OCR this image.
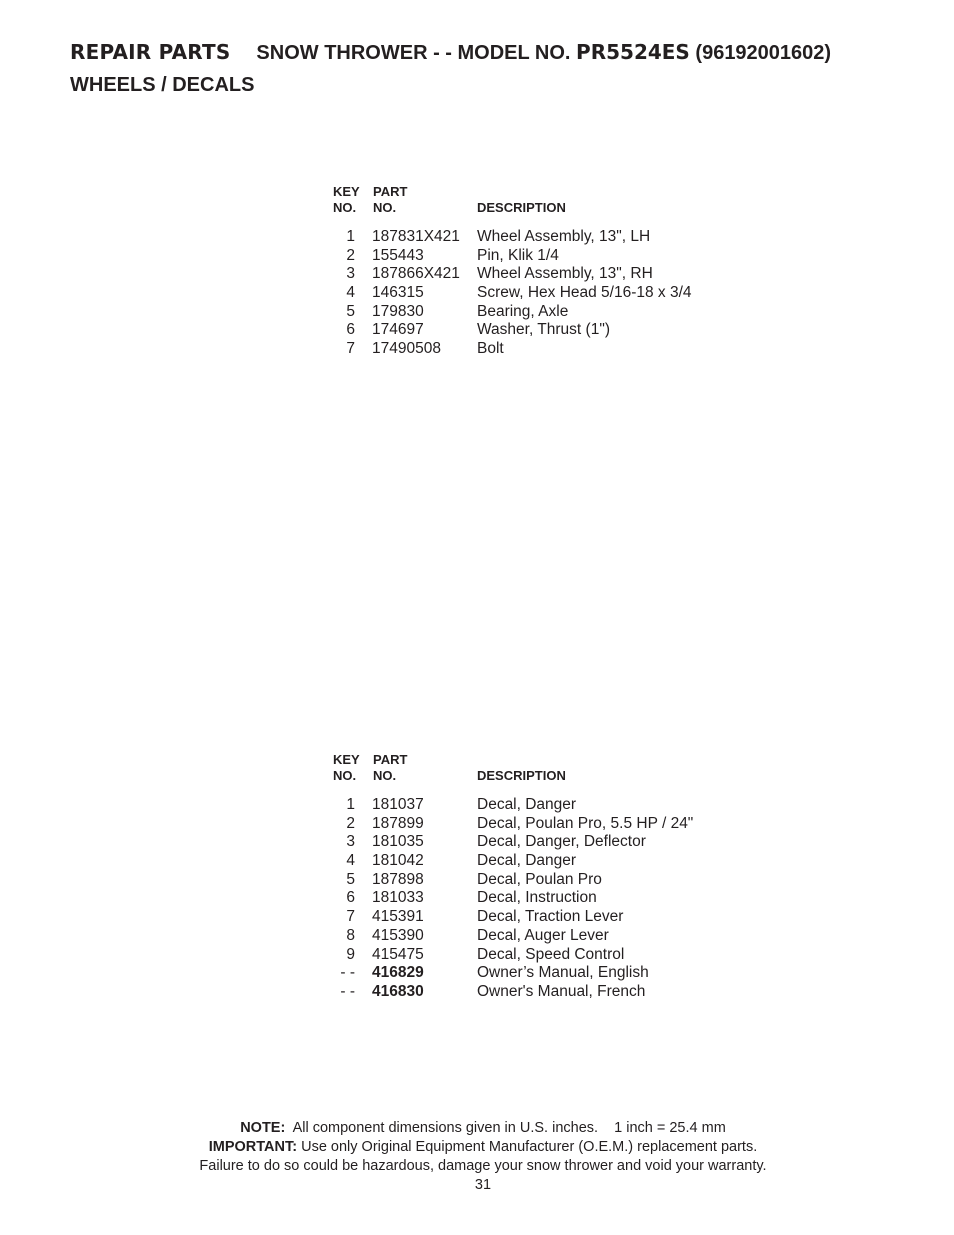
REPAIR PARTS SNOW THROWER - - MODEL NO. PR5524ES (96192001602)
WHEELS / DECALS
KEY
NO.
PART
NO.	DESCRIPTION
1 187831X421 Wheel Assembly, 13", LH
2 155443	Pin, Klik 1/4
3 187866X421 Wheel Assembly, 13", RH
4 146315	Screw, Hex Head 5/16-18 x 3/4
5 179830	Bearing, Axle
6 174697	Washer, Thrust (1")
7 17490508 Bolt
KEY
NO.
PART
NO.	DESCRIPTION
1 181037	Decal, Danger
2 187899	Decal, Poulan Pro, 5.5 HP / 24"
3 181035	Decal, Danger, Deflector
4 181042	Decal, Danger
5 187898	Decal, Poulan Pro
6 181033	Decal, Instruction
7 415391	Decal, Traction Lever
8 415390	Decal, Auger Lever
9 415475	Decal, Speed Control
- - 416829	Owner’s Manual, English
- - 416830	Owner's Manual, French
NOTE: All component dimensions given in U.S. inches.    1 inch = 25.4 mm
IMPORTANT: Use only Original Equipment Manufacturer (O.E.M.) replacement parts.
Failure to do so could be hazardous, damage your snow thrower and void your warranty.
31
